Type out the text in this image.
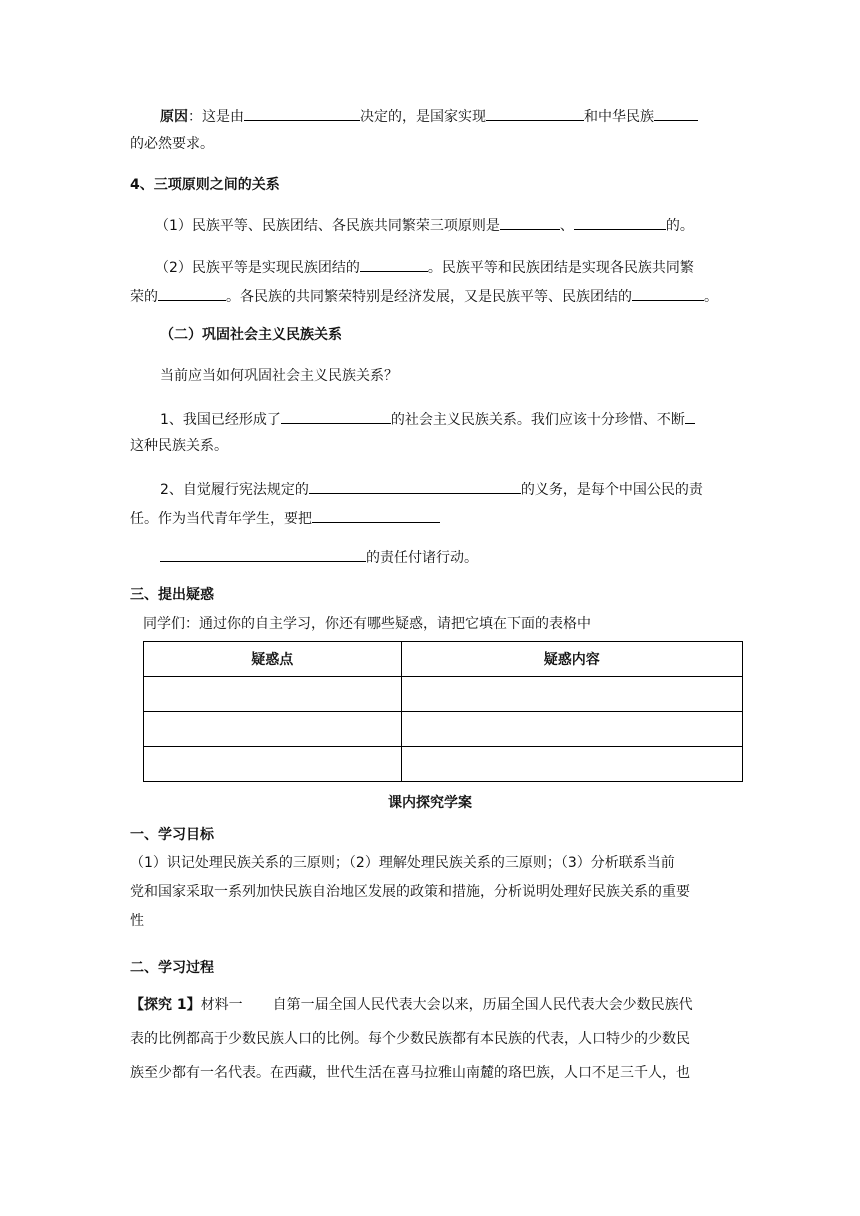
原因：这是由	决定的，是国家实现	和中华民族
的必然要求。
4、三项原则之间的关系
（1）民族平等、民族团结、各民族共同繁荣三项原则是	、	的。
（2）民族平等是实现民族团结的	。民族平等和民族团结是实现各民族共同繁
荣的	。各民族的共同繁荣特别是经济发展，又是民族平等、民族团结的	。
（二）巩固社会主义民族关系
当前应当如何巩固社会主义民族关系？
1、我国已经形成了	的社会主义民族关系。我们应该十分珍惜、不断
这种民族关系。
2、自觉履行宪法规定的	的义务，是每个中国公民的责
任。作为当代青年学生，要把
的责任付诸行动。
三、提出疑惑
同学们：通过你的自主学习，你还有哪些疑惑，请把它填在下面的表格中
疑惑点	疑惑内容

课内探究学案
一、学习目标
（1）识记处理民族关系的三原则；（2）理解处理民族关系的三原则；（3）分析联系当前
党和国家采取一系列加快民族自治地区发展的政策和措施，分析说明处理好民族关系的重要
性
二、学习过程
【探究 1】材料一 自第一届全国人民代表大会以来，历届全国人民代表大会少数民族代
表的比例都高于少数民族人口的比例。每个少数民族都有本民族的代表，人口特少的少数民
族至少都有一名代表。在西藏，世代生活在喜马拉雅山南麓的珞巴族，人口不足三千人，也
